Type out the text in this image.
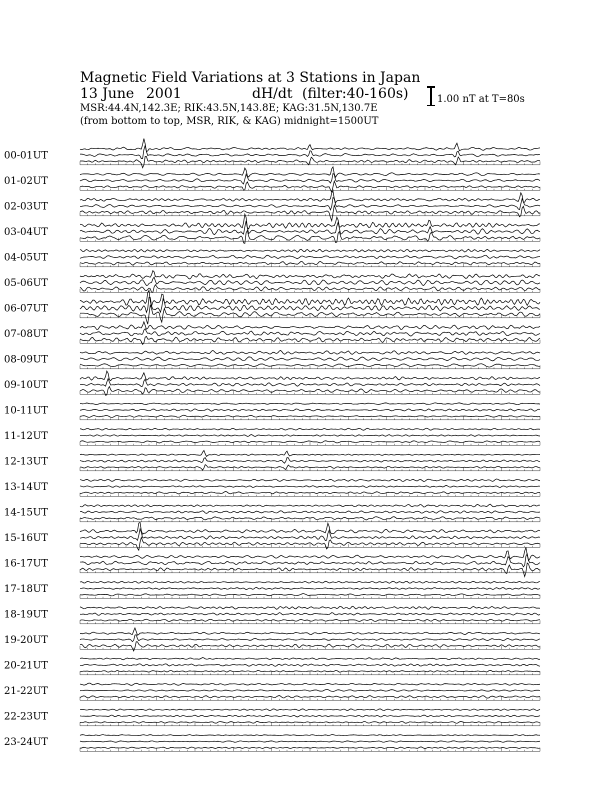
Magnetic Field Variations at 3 Stations in Japan
13 June 2001	dH/dt (filter:40-160s)
MSR:44.4N,142.3E; RIK:43.5N,143.8E; KAG:31.5N,130.7E
(from bottom to top, MSR, RIK, & KAG) midnight=1500UT
1.00 nT at T=80s
00-01UT
01-02UT
02-03UT
03-04UT
04-05UT
05-06UT
06-07UT
07-08UT
08-09UT
09-10UT
10-11UT
11-12UT
12-13UT
13-14UT
14-15UT
15-16UT
16-17UT
17-18UT
18-19UT
19-20UT
20-21UT
21-22UT
22-23UT
23-24UT
